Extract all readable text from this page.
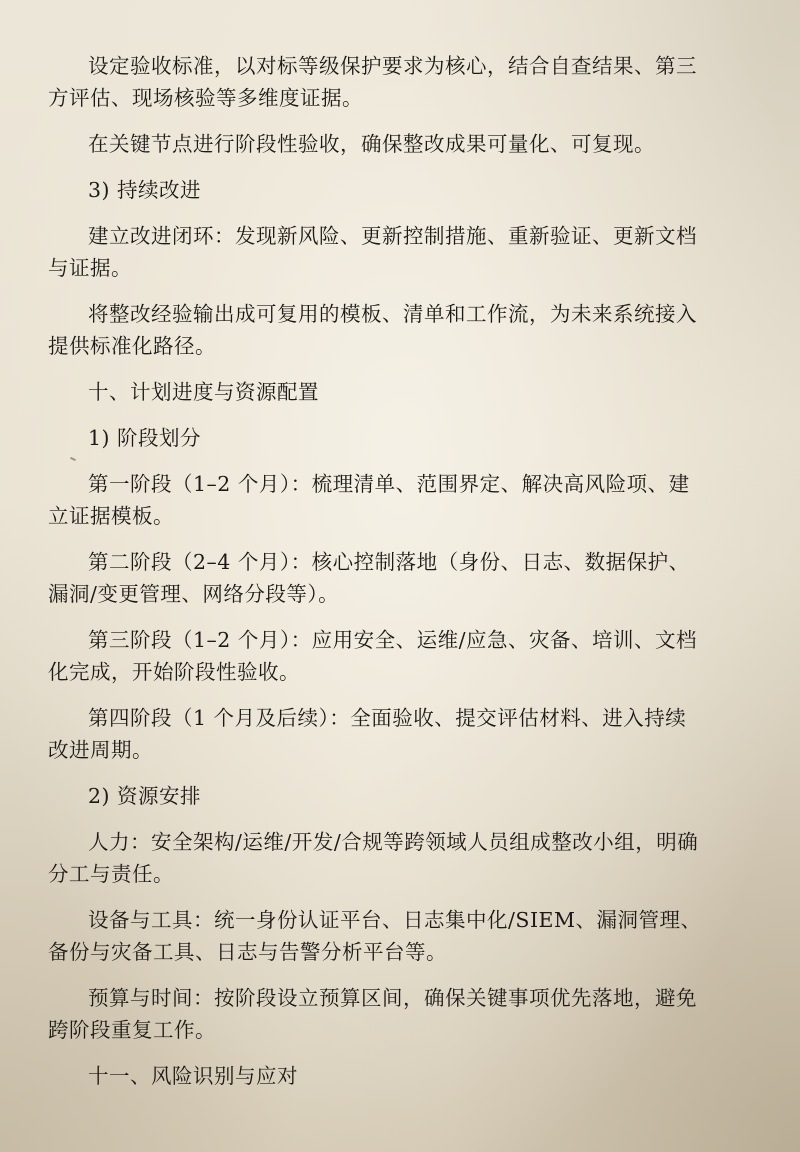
设定验收标准，以对标等级保护要求为核心，结合自查结果、第三
方评估、现场核验等多维度证据。

在关键节点进行阶段性验收，确保整改成果可量化、可复现。

3) 持续改进

建立改进闭环：发现新风险、更新控制措施、重新验证、更新文档
与证据。

将整改经验输出成可复用的模板、清单和工作流，为未来系统接入
提供标准化路径。

十、计划进度与资源配置

1) 阶段划分

第一阶段（1–2 个月）：梳理清单、范围界定、解决高风险项、建
立证据模板。

第二阶段（2–4 个月）：核心控制落地（身份、日志、数据保护、
漏洞/变更管理、网络分段等）。

第三阶段（1–2 个月）：应用安全、运维/应急、灾备、培训、文档
化完成，开始阶段性验收。

第四阶段（1 个月及后续）：全面验收、提交评估材料、进入持续
改进周期。

2) 资源安排

人力：安全架构/运维/开发/合规等跨领域人员组成整改小组，明确
分工与责任。

设备与工具：统一身份认证平台、日志集中化/SIEM、漏洞管理、
备份与灾备工具、日志与告警分析平台等。

预算与时间：按阶段设立预算区间，确保关键事项优先落地，避免
跨阶段重复工作。

十一、风险识别与应对
